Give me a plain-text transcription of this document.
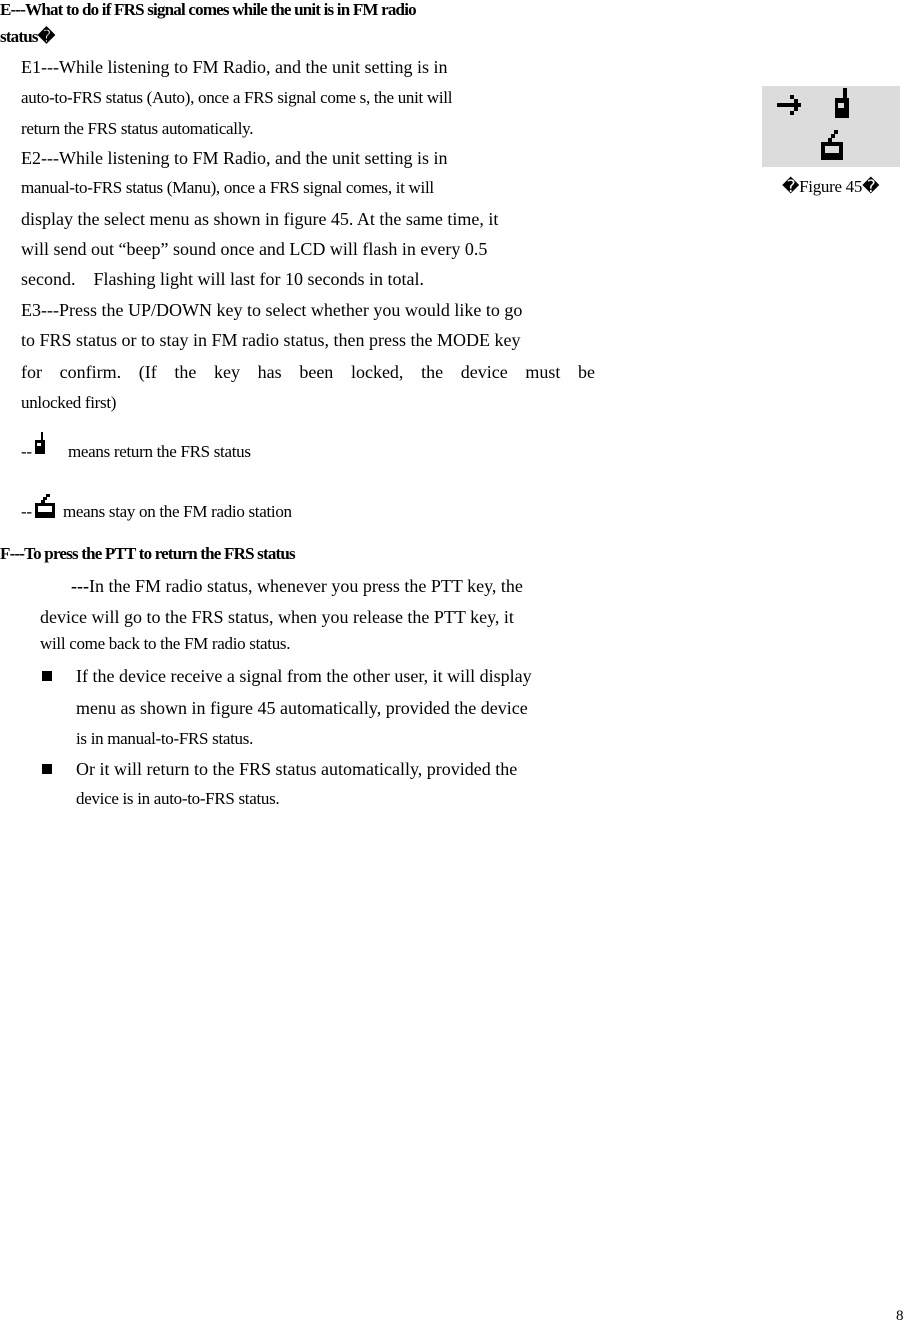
E---What to do if FRS signal comes while the unit is in FM radio
status�
E1---While listening to FM Radio, and the unit setting is in
auto-to-FRS status (Auto), once a FRS signal come s, the unit will
return the FRS status automatically.
E2---While listening to FM Radio, and the unit setting is in
manual-to-FRS status (Manu), once a FRS signal comes, it will
display the select menu as shown in figure 45. At the same time, it
will send out “beep” sound once and LCD will flash in every 0.5
second.    Flashing light will last for 10 seconds in total.
E3---Press the UP/DOWN key to select whether you would like to go
to FRS status or to stay in FM radio status, then press the MODE key
for confirm. (If the key has been locked, the device must be
unlocked first)
-- means return the FRS status
-- means stay on the FM radio station
F---To press the PTT to return the FRS status
---In the FM radio status, whenever you press the PTT key, the
device will go to the FRS status, when you release the PTT key, it
will come back to the FM radio status.
If the device receive a signal from the other user, it will display
menu as shown in figure 45 automatically, provided the device
is in manual-to-FRS status.
Or it will return to the FRS status automatically, provided the
device is in auto-to-FRS status.
�Figure 45�
8
